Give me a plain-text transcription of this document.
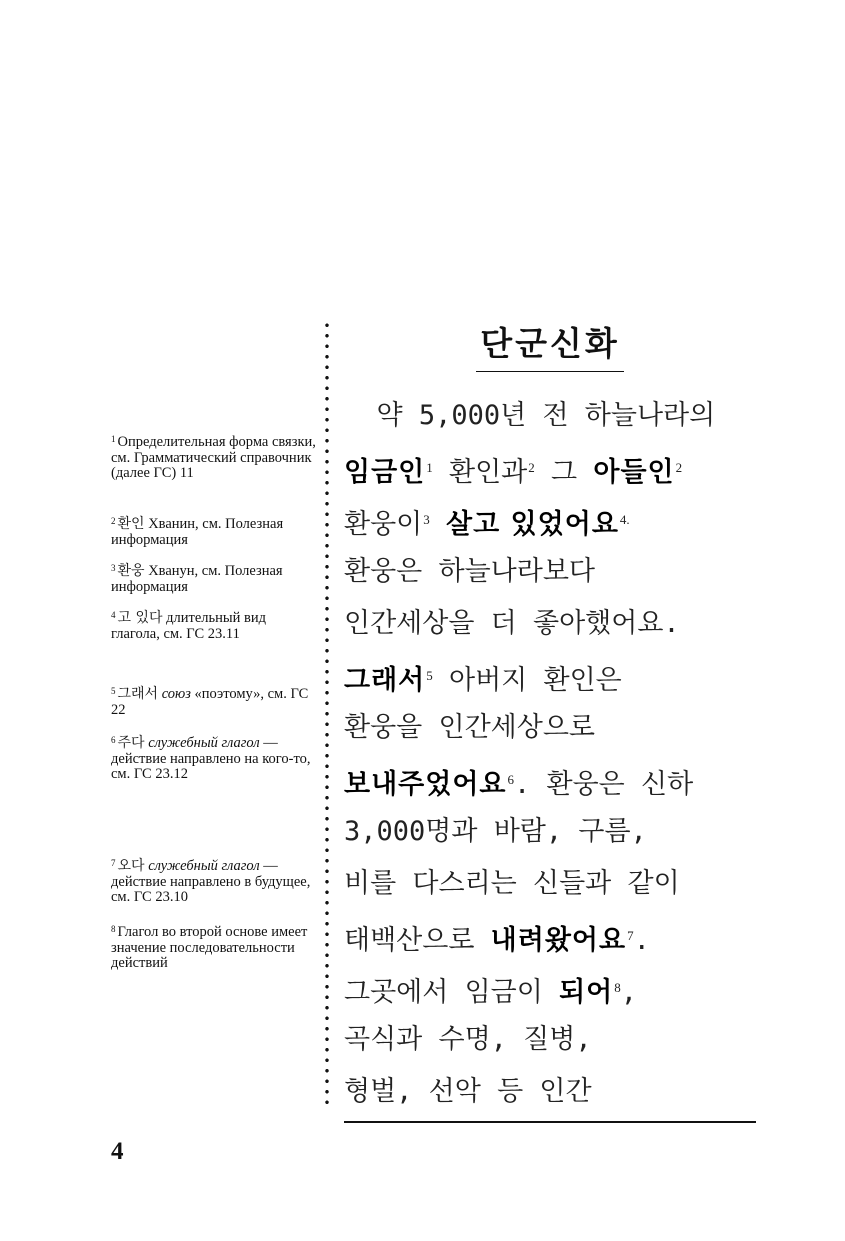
$^1$ Определительная форма связки, см. Грамматический справочник (далее ГС) 11
$^2$ 환인 Хванин, см. Полезная информация
$^3$ 환웅 Хванун, см. Полезная информация
$^4$ 고 있다 длительный вид глагола, см. ГС 23.11
$^5$ 그래서 союз «поэтому», см. ГС 22
$^6$ 주다 служебный глагол — действие направлено на кого-то, см. ГС 23.12
$^7$ 오다 служебный глагол — действие направлено в будущее, см. ГС 23.10
$^8$ Глагол во второй основе имеет значение последовательности действий
단군신화
약 5,000년 전 하늘나라의
임금인$^1$ 환인과$^2$ 그 아들인$^2$
환웅이$^3$ 살고 있었어요$^{4.}$
환웅은 하늘나라보다
인간세상을 더 좋아했어요.
그래서$^5$ 아버지 환인은
환웅을 인간세상으로
보내주었어요$^6$. 환웅은 신하
3,000명과 바람, 구름,
비를 다스리는 신들과 같이
태백산으로 내려왔어요$^7$.
그곳에서 임금이 되어$^8$,
곡식과 수명, 질병,
형벌, 선악 등 인간
4
